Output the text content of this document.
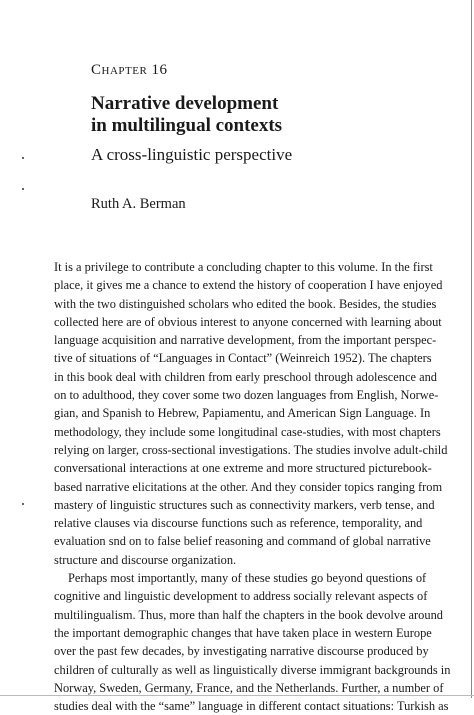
Chapter 16
Narrative development
in multilingual contexts
A cross-linguistic perspective
Ruth A. Berman
It is a privilege to contribute a concluding chapter to this volume. In the first
place, it gives me a chance to extend the history of cooperation I have enjoyed
with the two distinguished scholars who edited the book. Besides, the studies
collected here are of obvious interest to anyone concerned with learning about
language acquisition and narrative development, from the important perspec-
tive of situations of “Languages in Contact” (Weinreich 1952). The chapters
in this book deal with children from early preschool through adolescence and
on to adulthood, they cover some two dozen languages from English, Norwe-
gian, and Spanish to Hebrew, Papiamentu, and American Sign Language. In
methodology, they include some longitudinal case-studies, with most chapters
relying on larger, cross-sectional investigations. The studies involve adult-child
conversational interactions at one extreme and more structured picturebook-
based narrative elicitations at the other. And they consider topics ranging from
mastery of linguistic structures such as connectivity markers, verb tense, and
relative clauses via discourse functions such as reference, temporality, and
evaluation snd on to false belief reasoning and command of global narrative
structure and discourse organization.
Perhaps most importantly, many of these studies go beyond questions of
cognitive and linguistic development to address socially relevant aspects of
multilingualism. Thus, more than half the chapters in the book devolve around
the important demographic changes that have taken place in western Europe
over the past few decades, by investigating narrative discourse produced by
children of culturally as well as linguistically diverse immigrant backgrounds in
Norway, Sweden, Germany, France, and the Netherlands. Further, a number of
studies deal with the “same” language in different contact situations: Turkish as
